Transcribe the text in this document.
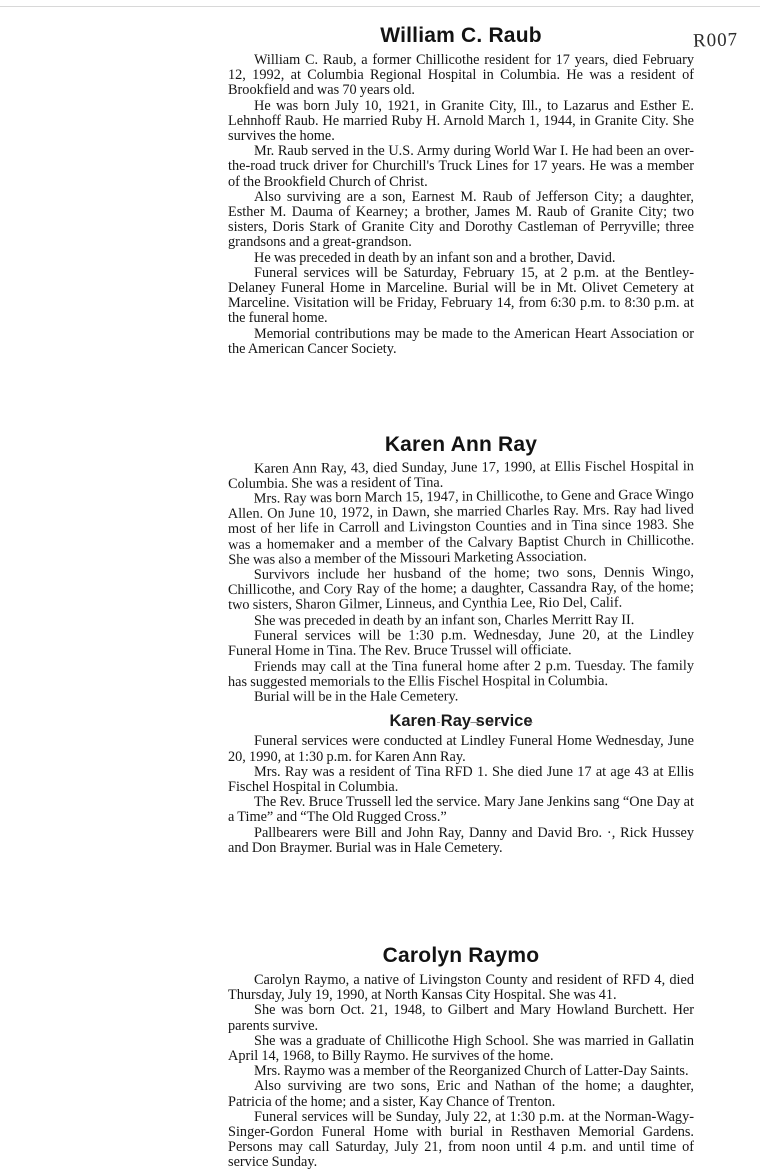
R007
William C. Raub

William C. Raub, a former Chillicothe resident for 17 years, died February 12, 1992, at Columbia Regional Hospital in Columbia. He was a resident of Brookfield and was 70 years old.

He was born July 10, 1921, in Granite City, Ill., to Lazarus and Esther E. Lehnhoff Raub. He married Ruby H. Arnold March 1, 1944, in Granite City. She survives the home.

Mr. Raub served in the U.S. Army during World War I. He had been an over-the-road truck driver for Churchill's Truck Lines for 17 years. He was a member of the Brookfield Church of Christ.

Also surviving are a son, Earnest M. Raub of Jefferson City; a daughter, Esther M. Dauma of Kearney; a brother, James M. Raub of Granite City; two sisters, Doris Stark of Granite City and Dorothy Castleman of Perryville; three grandsons and a great-grandson.

He was preceded in death by an infant son and a brother, David.

Funeral services will be Saturday, February 15, at 2 p.m. at the Bentley-Delaney Funeral Home in Marceline. Burial will be in Mt. Olivet Cemetery at Marceline. Visitation will be Friday, February 14, from 6:30 p.m. to 8:30 p.m. at the funeral home.

Memorial contributions may be made to the American Heart Association or the American Cancer Society.

Karen Ann Ray

Karen Ann Ray, 43, died Sunday, June 17, 1990, at Ellis Fischel Hospital in Columbia. She was a resident of Tina.

Mrs. Ray was born March 15, 1947, in Chillicothe, to Gene and Grace Wingo Allen. On June 10, 1972, in Dawn, she married Charles Ray. Mrs. Ray had lived most of her life in Carroll and Livingston Counties and in Tina since 1983. She was a homemaker and a member of the Calvary Baptist Church in Chillicothe. She was also a member of the Missouri Marketing Association.

Survivors include her husband of the home; two sons, Dennis Wingo, Chillicothe, and Cory Ray of the home; a daughter, Cassandra Ray, of the home; two sisters, Sharon Gilmer, Linneus, and Cynthia Lee, Rio Del, Calif.

She was preceded in death by an infant son, Charles Merritt Ray II.

Funeral services will be 1:30 p.m. Wednesday, June 20, at the Lindley Funeral Home in Tina. The Rev. Bruce Trussel will officiate.

Friends may call at the Tina funeral home after 2 p.m. Tuesday. The family has suggested memorials to the Ellis Fischel Hospital in Columbia.

Burial will be in the Hale Cemetery.

Karen Ray service

Funeral services were conducted at Lindley Funeral Home Wednesday, June 20, 1990, at 1:30 p.m. for Karen Ann Ray.

Mrs. Ray was a resident of Tina RFD 1. She died June 17 at age 43 at Ellis Fischel Hospital in Columbia.

The Rev. Bruce Trussell led the service. Mary Jane Jenkins sang “One Day at a Time” and “The Old Rugged Cross.”

Pallbearers were Bill and John Ray, Danny and David Bro. ·, Rick Hussey and Don Braymer. Burial was in Hale Cemetery.

Carolyn Raymo

Carolyn Raymo, a native of Livingston County and resident of RFD 4, died Thursday, July 19, 1990, at North Kansas City Hospital. She was 41.

She was born Oct. 21, 1948, to Gilbert and Mary Howland Burchett. Her parents survive.

She was a graduate of Chillicothe High School. She was married in Gallatin April 14, 1968, to Billy Raymo. He survives of the home.

Mrs. Raymo was a member of the Reorganized Church of Latter-Day Saints.

Also surviving are two sons, Eric and Nathan of the home; a daughter, Patricia of the home; and a sister, Kay Chance of Trenton.

Funeral services will be Sunday, July 22, at 1:30 p.m. at the Norman-Wagy-Singer-Gordon Funeral Home with burial in Resthaven Memorial Gardens. Persons may call Saturday, July 21, from noon until 4 p.m. and until time of service Sunday.
